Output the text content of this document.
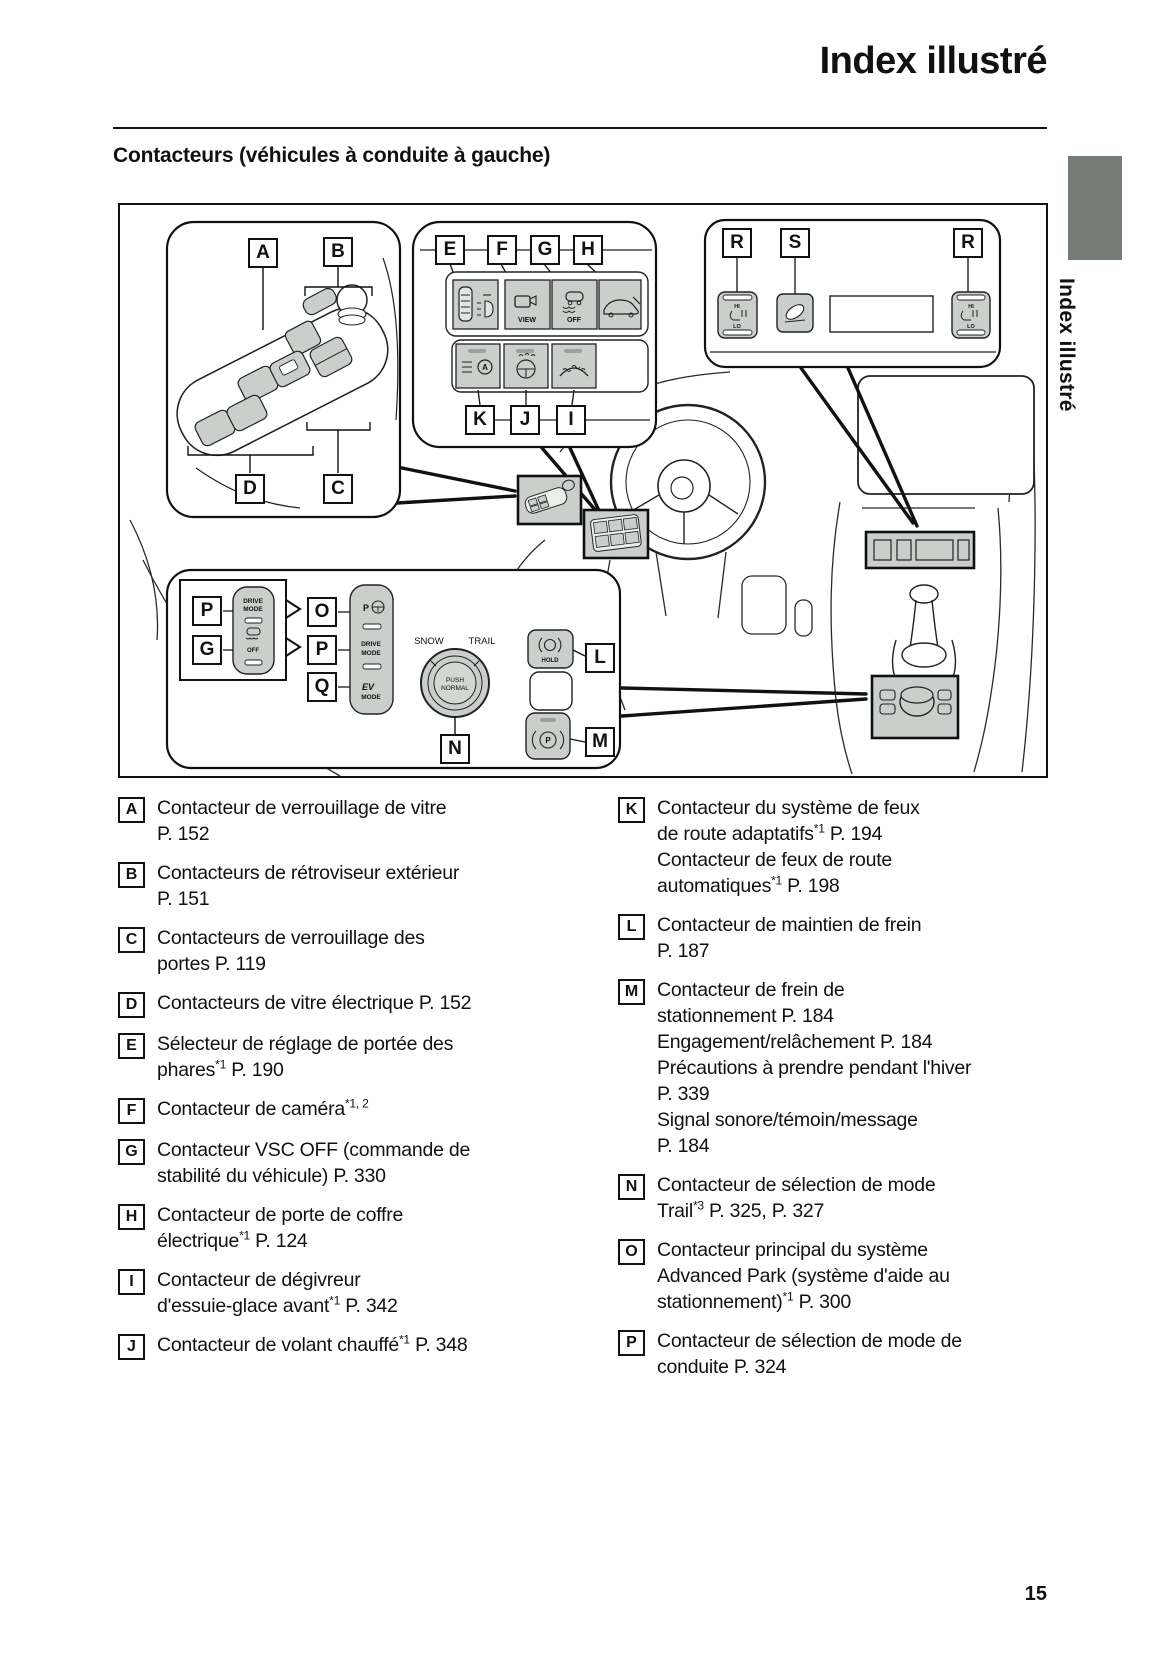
Index illustré
Contacteurs (véhicules à conduite à gauche)
Index illustré
VIEW	OFF
A
HI
LO
HI
LO
DRIVE
MODE
OFF
P
DRIVE
MODE
EV
MODE
SNOW	TRAIL
PUSH
NORMAL
HOLD
P
A	B
D	C
E	F	G	H
K	J	I
R	S	R
P
G
O
P
Q
N
L
M
A	Contacteur de verrouillage de vitre
P. 152
B	Contacteurs de rétroviseur extérieur
P. 151
C	Contacteurs de verrouillage des
portes P. 119
D	Contacteurs de vitre électrique P. 152
E	Sélecteur de réglage de portée des
phares$^{*1}$ P. 190
F	Contacteur de caméra$^{*1, 2}$
G Contacteur VSC OFF (commande de
stabilité du véhicule) P. 330
H	Contacteur de porte de coffre
électrique$^{*1}$ P. 124
I	Contacteur de dégivreur
d'essuie-glace avant$^{*1}$ P. 342
J	Contacteur de volant chauffé$^{*1}$ P. 348
K	Contacteur du système de feux
de route adaptatifs$^{*1}$ P. 194
Contacteur de feux de route
automatiques$^{*1}$ P. 198
L	Contacteur de maintien de frein
P. 187
M Contacteur de frein de
stationnement P. 184
Engagement/relâchement P. 184
Précautions à prendre pendant l'hiver
P. 339
Signal sonore/témoin/message
P. 184
N	Contacteur de sélection de mode
Trail$^{*3}$ P. 325, P. 327
O Contacteur principal du système
Advanced Park (système d'aide au
stationnement)$^{*1}$ P. 300
P	Contacteur de sélection de mode de
conduite P. 324
15
